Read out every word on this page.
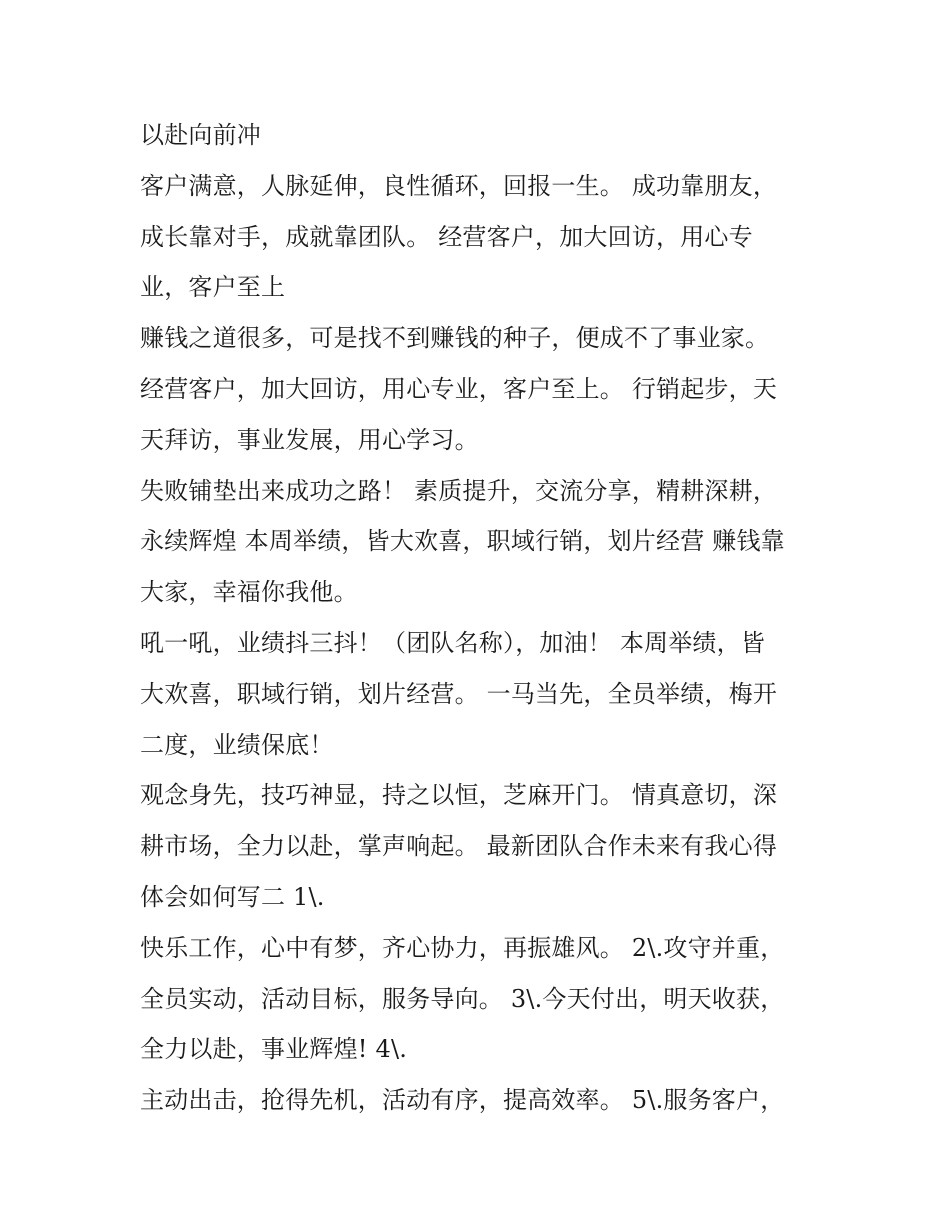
以赴向前冲
客户满意，人脉延伸，良性循环，回报一生。 成功靠朋友，
成长靠对手，成就靠团队。 经营客户，加大回访，用心专
业，客户至上
赚钱之道很多，可是找不到赚钱的种子，便成不了事业家。
经营客户，加大回访，用心专业，客户至上。 行销起步，天
天拜访，事业发展，用心学习。
失败铺垫出来成功之路！ 素质提升，交流分享，精耕深耕，
永续辉煌 本周举绩，皆大欢喜，职域行销，划片经营 赚钱靠
大家，幸福你我他。
吼一吼，业绩抖三抖！（团队名称），加油！ 本周举绩，皆
大欢喜，职域行销，划片经营。 一马当先，全员举绩，梅开
二度，业绩保底！
观念身先，技巧神显，持之以恒，芝麻开门。 情真意切，深
耕市场，全力以赴，掌声响起。 最新团队合作未来有我心得
体会如何写二 1\.
快乐工作，心中有梦，齐心协力，再振雄风。 2\.攻守并重，
全员实动，活动目标，服务导向。 3\.今天付出，明天收获，
全力以赴，事业辉煌! 4\.
主动出击，抢得先机，活动有序，提高效率。 5\.服务客户，
